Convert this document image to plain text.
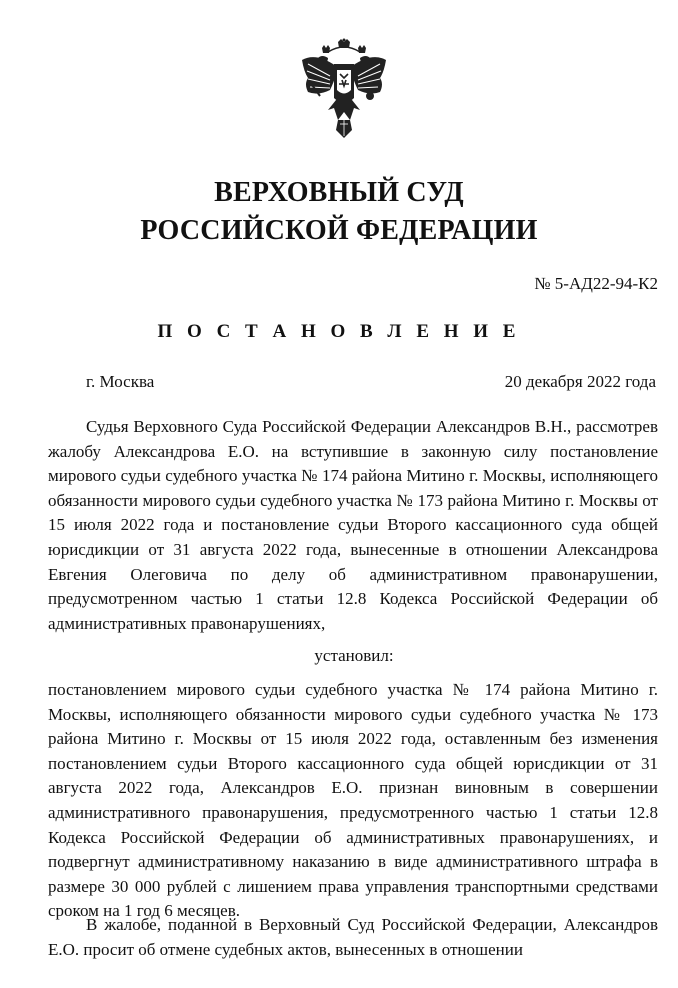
ВЕРХОВНЫЙ СУД
РОССИЙСКОЙ ФЕДЕРАЦИИ
№ 5-АД22-94-К2
П О С Т А Н О В Л Е Н И Е
г. Москва	20 декабря 2022 года
Судья Верховного Суда Российской Федерации Александров В.Н., рассмотрев жалобу Александрова Е.О. на вступившие в законную силу постановление мирового судьи судебного участка № 174 района Митино г. Москвы, исполняющего обязанности мирового судьи судебного участка № 173 района Митино г. Москвы от 15 июля 2022 года и постановление судьи Второго кассационного суда общей юрисдикции от 31 августа 2022 года, вынесенные в отношении Александрова Евгения Олеговича по делу об административном правонарушении, предусмотренном частью 1 статьи 12.8 Кодекса Российской Федерации об административных правонарушениях,
установил:
постановлением мирового судьи судебного участка № 174 района Митино г. Москвы, исполняющего обязанности мирового судьи судебного участка № 173 района Митино г. Москвы от 15 июля 2022 года, оставленным без изменения постановлением судьи Второго кассационного суда общей юрисдикции от 31 августа 2022 года, Александров Е.О. признан виновным в совершении административного правонарушения, предусмотренного частью 1 статьи 12.8 Кодекса Российской Федерации об административных правонарушениях, и подвергнут административному наказанию в виде административного штрафа в размере 30 000 рублей с лишением права управления транспортными средствами сроком на 1 год 6 месяцев.
В жалобе, поданной в Верховный Суд Российской Федерации, Александров Е.О. просит об отмене судебных актов, вынесенных в отношении
